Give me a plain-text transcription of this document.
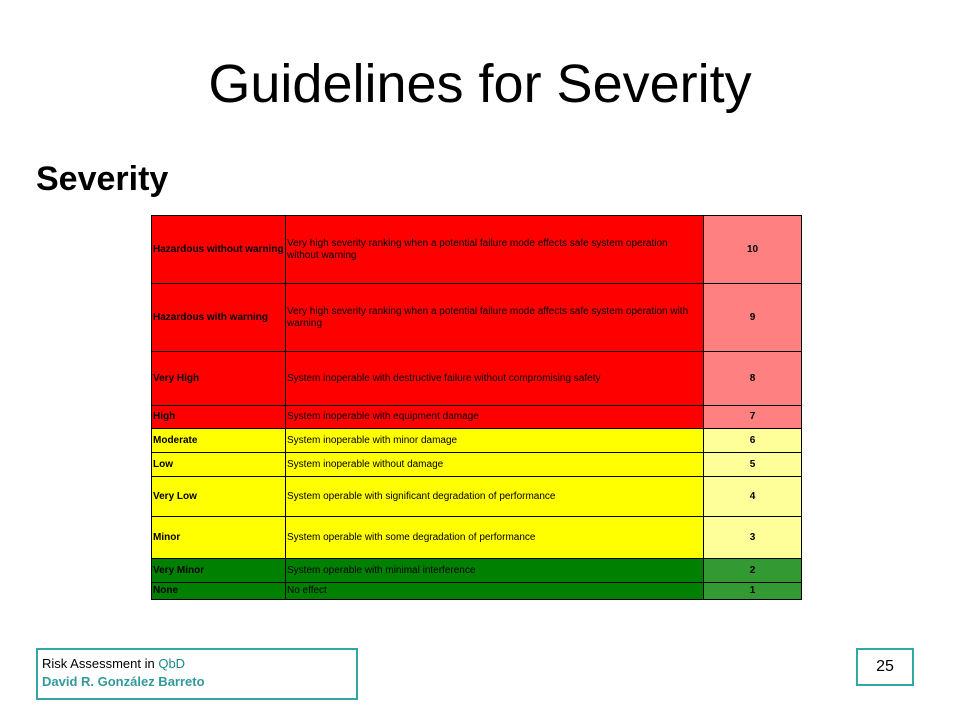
Guidelines for Severity
Severity
Hazardous without warning	Very high severity ranking when a potential failure mode effects safe system operation without warning	10
Hazardous with warning	Very high severity ranking when a potential failure mode affects safe system operation with warning	9
Very High	System inoperable with destructive failure without compromising safety	8
High	System inoperable with equipment damage	7
Moderate	System inoperable with minor damage	6
Low	System inoperable without damage	5
Very Low	System operable with significant degradation of performance	4
Minor	System operable with some degradation of performance	3
Very Minor	System operable with minimal interference	2
None	No effect	1
Risk Assessment in QbD
David R. González Barreto
25
